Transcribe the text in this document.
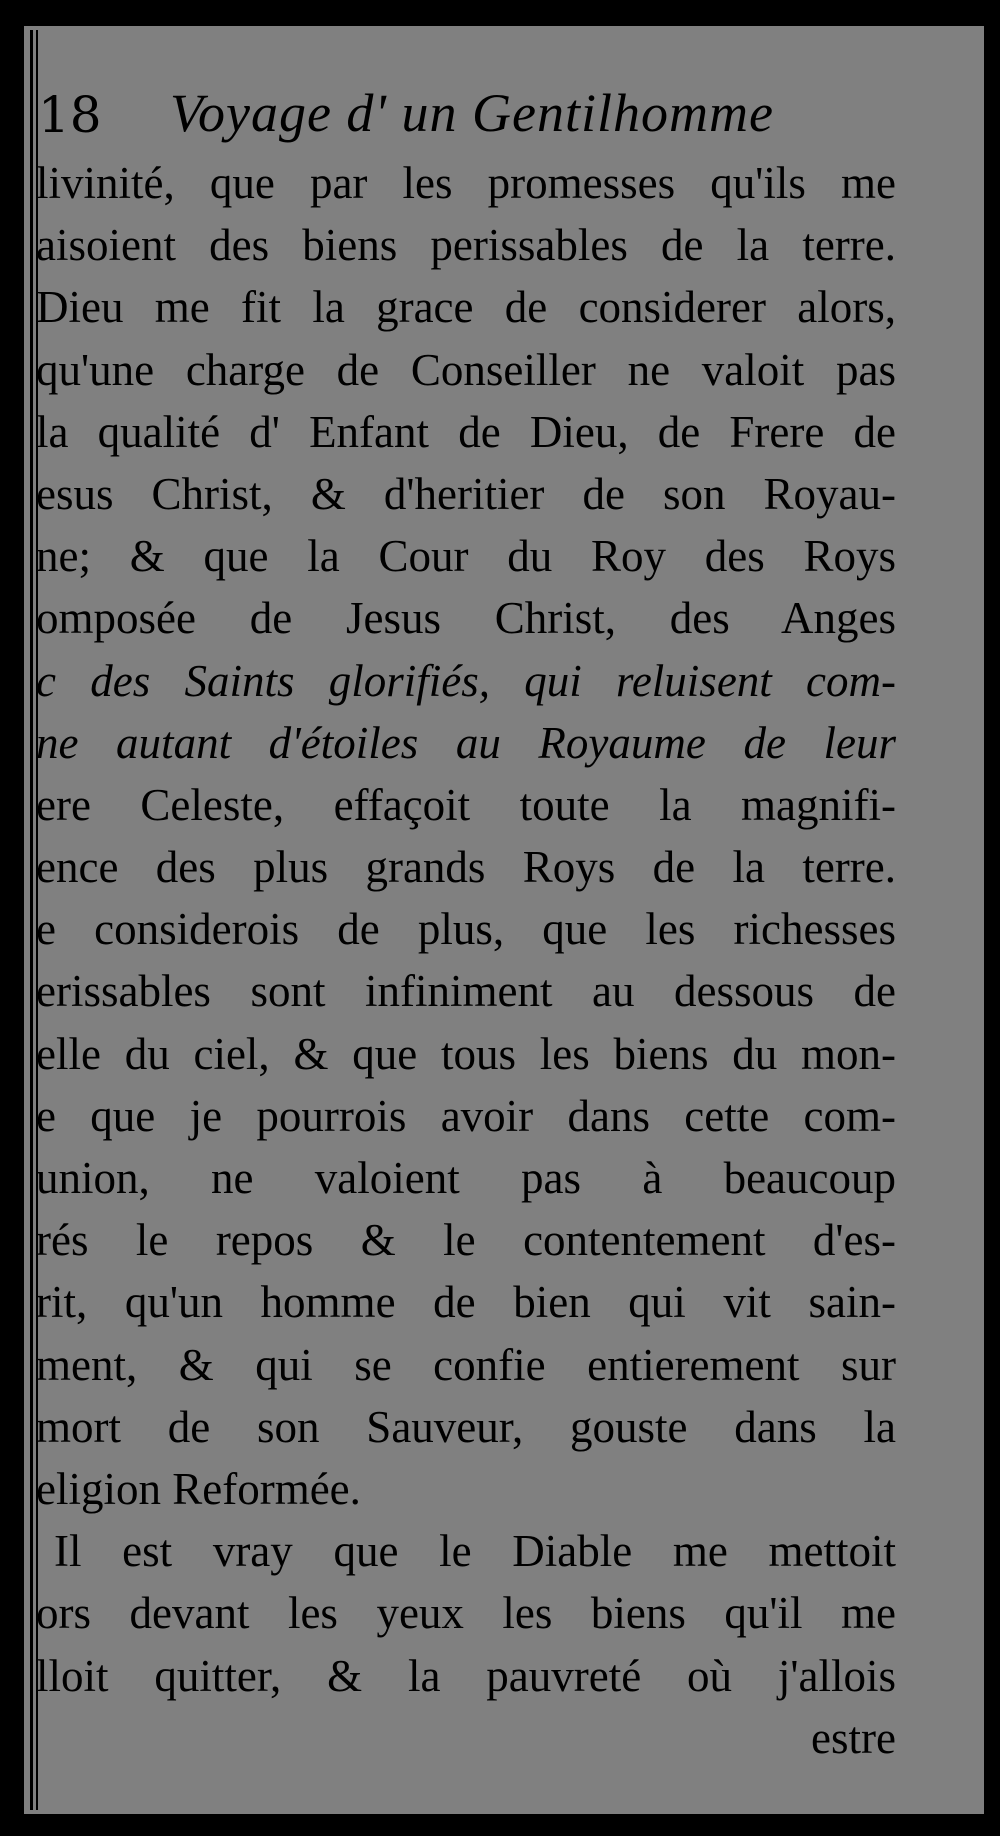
18 Voyage d' un Gentilhomme
livinité, que par les promesses qu'ils me
aisoient des biens perissables de la terre.
Dieu me fit la grace de considerer alors,
qu'une charge de Conseiller ne valoit pas
la qualité d' Enfant de Dieu, de Frere de
esus Christ, & d'heritier de son Royau-
ne; & que la Cour du Roy des Roys
omposée de Jesus Christ, des Anges
c des Saints glorifiés, qui reluisent com-
ne autant d'étoiles au Royaume de leur
ere Celeste, effaçoit toute la magnifi-
ence des plus grands Roys de la terre.
e considerois de plus, que les richesses
erissables sont infiniment au dessous de
elle du ciel, & que tous les biens du mon-
e que je pourrois avoir dans cette com-
union, ne valoient pas à beaucoup
rés le repos & le contentement d'es-
rit, qu'un homme de bien qui vit sain-
ment, & qui se confie entierement sur
mort de son Sauveur, gouste dans la
eligion Reformée.
Il est vray que le Diable me mettoit
ors devant les yeux les biens qu'il me
lloit quitter, & la pauvreté où j'allois
estre
